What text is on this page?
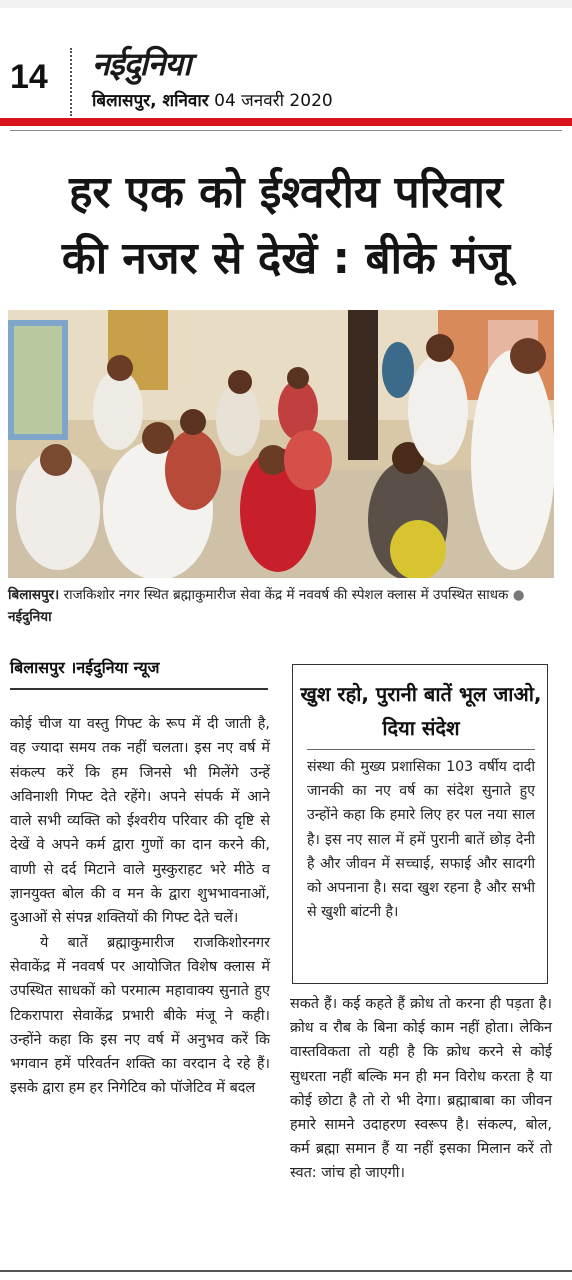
14 नईदुनिया
बिलासपुर, शनिवार 04 जनवरी 2020
हर एक को ईश्वरीय परिवार
की नजर से देखें : बीके मंजू
बिलासपुर। राजकिशोर नगर स्थित ब्रह्माकुमारीज सेवा केंद्र में नववर्ष की स्पेशल क्लास में उपस्थित साधक ● नईदुनिया
बिलासपुर ।नईदुनिया न्यूज

कोई चीज या वस्तु गिफ्ट के रूप में दी जाती है, वह ज्यादा समय तक नहीं चलता। इस नए वर्ष में संकल्प करें कि हम जिनसे भी मिलेंगे उन्हें अविनाशी गिफ्ट देते रहेंगे। अपने संपर्क में आने वाले सभी व्यक्ति को ईश्वरीय परिवार की दृष्टि से देखें वे अपने कर्म द्वारा गुणों का दान करने की, वाणी से दर्द मिटाने वाले मुस्कुराहट भरे मीठे व ज्ञानयुक्त बोल की व मन के द्वारा शुभभावनाओं, दुआओं से संपन्न शक्तियों की गिफ्ट देते चलें।

ये बातें ब्रह्माकुमारीज राजकिशोरनगर सेवाकेंद्र में नववर्ष पर आयोजित विशेष क्लास में उपस्थित साधकों को परमात्म महावाक्य सुनाते हुए टिकरापारा सेवाकेंद्र प्रभारी बीके मंजू ने कही। उन्होंने कहा कि इस नए वर्ष में अनुभव करें कि भगवान हमें परिवर्तन शक्ति का वरदान दे रहे हैं।इसके द्वारा हम हर निगेटिव को पॉजेटिव में बदल

खुश रहो, पुरानी बातें भूल जाओ, दिया संदेश
संस्था की मुख्य प्रशासिका 103 वर्षीय दादी जानकी का नए वर्ष का संदेश सुनाते हुए उन्होंने कहा कि हमारे लिए हर पल नया साल है। इस नए साल में हमें पुरानी बातें छोड़ देनी है और जीवन में सच्चाई, सफाई और सादगी को अपनाना है। सदा खुश रहना है और सभी से खुशी बांटनी है।
सकते हैं। कई कहते हैं क्रोध तो करना ही पड़ता है। क्रोध व रौब के बिना कोई काम नहीं होता। लेकिन वास्तविकता तो यही है कि क्रोध करने से कोई सुधरता नहीं बल्कि मन ही मन विरोध करता है या कोई छोटा है तो रो भी देगा। ब्रह्माबाबा का जीवन हमारे सामने उदाहरण स्वरूप है। संकल्प, बोल, कर्म ब्रह्मा समान हैं या नहीं इसका मिलान करें तो स्वत: जांच हो जाएगी।
